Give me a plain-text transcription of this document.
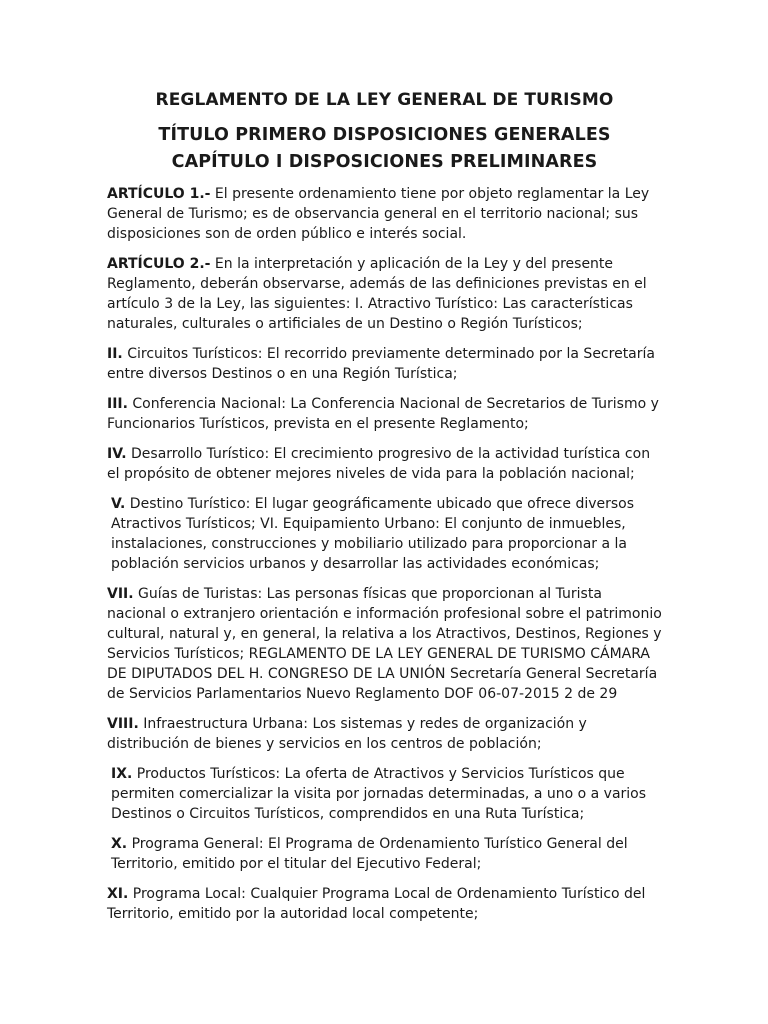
REGLAMENTO DE LA LEY GENERAL DE TURISMO
TÍTULO PRIMERO DISPOSICIONES GENERALES CAPÍTULO I DISPOSICIONES PRELIMINARES

ARTÍCULO 1.- El presente ordenamiento tiene por objeto reglamentar la Ley General de Turismo; es de observancia general en el territorio nacional; sus disposiciones son de orden público e interés social.

ARTÍCULO 2.- En la interpretación y aplicación de la Ley y del presente Reglamento, deberán observarse, además de las definiciones previstas en el artículo 3 de la Ley, las siguientes: I. Atractivo Turístico: Las características naturales, culturales o artificiales de un Destino o Región Turísticos;

II. Circuitos Turísticos: El recorrido previamente determinado por la Secretaría entre diversos Destinos o en una Región Turística;

III. Conferencia Nacional: La Conferencia Nacional de Secretarios de Turismo y Funcionarios Turísticos, prevista en el presente Reglamento;

IV. Desarrollo Turístico: El crecimiento progresivo de la actividad turística con el propósito de obtener mejores niveles de vida para la población nacional;

V. Destino Turístico: El lugar geográficamente ubicado que ofrece diversos Atractivos Turísticos; VI. Equipamiento Urbano: El conjunto de inmuebles, instalaciones, construcciones y mobiliario utilizado para proporcionar a la población servicios urbanos y desarrollar las actividades económicas;

VII. Guías de Turistas: Las personas físicas que proporcionan al Turista nacional o extranjero orientación e información profesional sobre el patrimonio cultural, natural y, en general, la relativa a los Atractivos, Destinos, Regiones y Servicios Turísticos; REGLAMENTO DE LA LEY GENERAL DE TURISMO CÁMARA DE DIPUTADOS DEL H. CONGRESO DE LA UNIÓN Secretaría General Secretaría de Servicios Parlamentarios Nuevo Reglamento DOF 06-07-2015 2 de 29

VIII. Infraestructura Urbana: Los sistemas y redes de organización y distribución de bienes y servicios en los centros de población;

IX. Productos Turísticos: La oferta de Atractivos y Servicios Turísticos que permiten comercializar la visita por jornadas determinadas, a uno o a varios Destinos o Circuitos Turísticos, comprendidos en una Ruta Turística;

X. Programa General: El Programa de Ordenamiento Turístico General del Territorio, emitido por el titular del Ejecutivo Federal;

XI. Programa Local: Cualquier Programa Local de Ordenamiento Turístico del Territorio, emitido por la autoridad local competente;
